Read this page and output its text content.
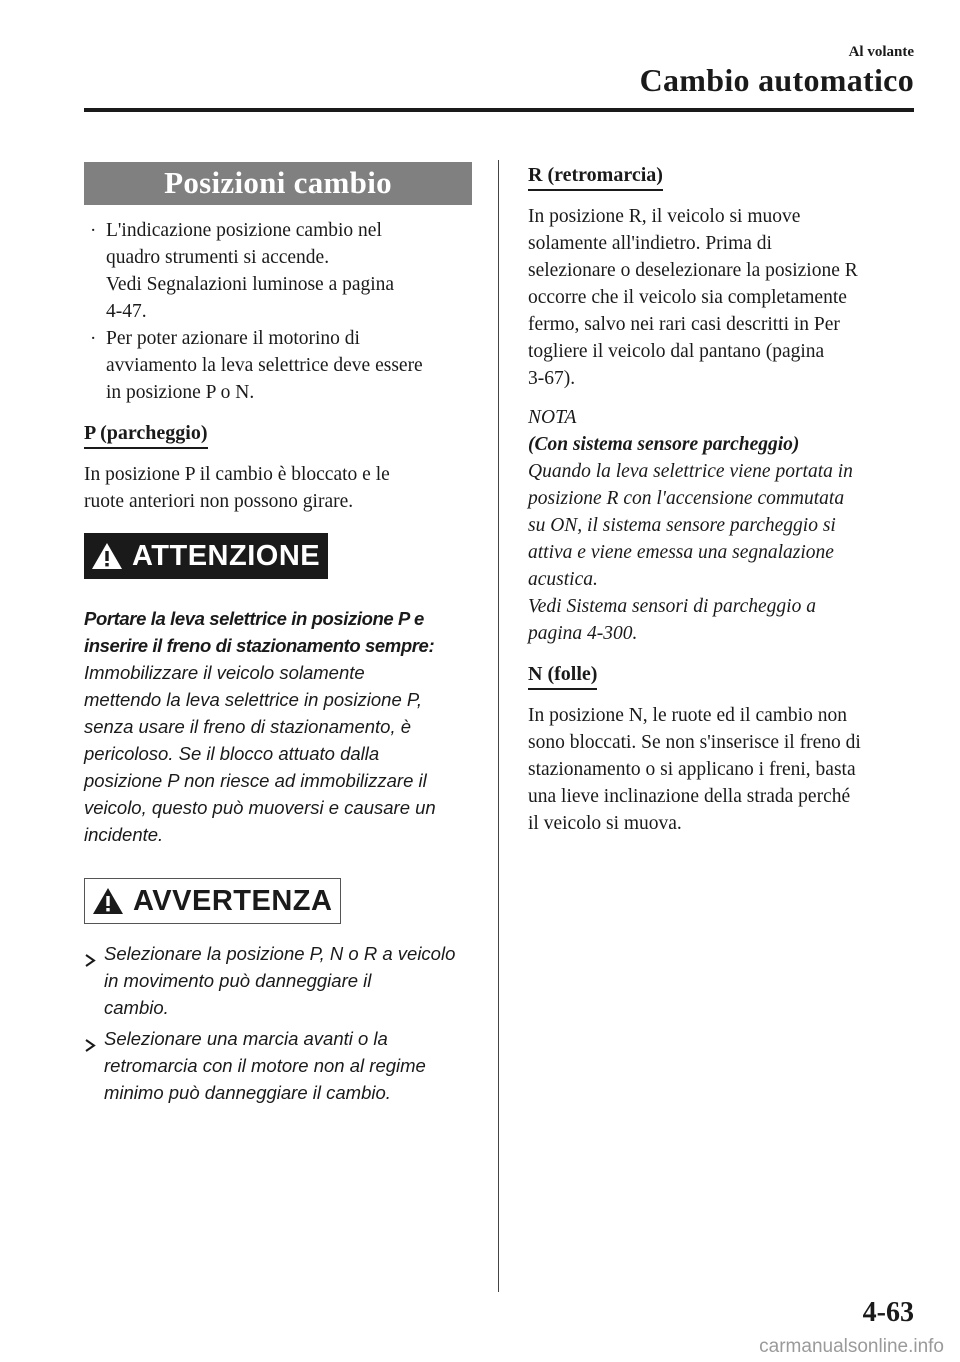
Al volante
Cambio automatico
Posizioni cambio
· L'indicazione posizione cambio nel
quadro strumenti si accende.
Vedi Segnalazioni luminose a pagina
4-47.
· Per poter azionare il motorino di
avviamento la leva selettrice deve essere
in posizione P o N.
P (parcheggio)
In posizione P il cambio è bloccato e le
ruote anteriori non possono girare.
ATTENZIONE
Portare la leva selettrice in posizione P e
inserire il freno di stazionamento sempre:
Immobilizzare il veicolo solamente
mettendo la leva selettrice in posizione P,
senza usare il freno di stazionamento, è
pericoloso. Se il blocco attuato dalla
posizione P non riesce ad immobilizzare il
veicolo, questo può muoversi e causare un
incidente.
AVVERTENZA
Selezionare la posizione P, N o R a veicolo
in movimento può danneggiare il
cambio.
Selezionare una marcia avanti o la
retromarcia con il motore non al regime
minimo può danneggiare il cambio.
R (retromarcia)
In posizione R, il veicolo si muove
solamente all'indietro. Prima di
selezionare o deselezionare la posizione R
occorre che il veicolo sia completamente
fermo, salvo nei rari casi descritti in Per
togliere il veicolo dal pantano (pagina
3-67).
NOTA
(Con sistema sensore parcheggio)
Quando la leva selettrice viene portata in
posizione R con l'accensione commutata
su ON, il sistema sensore parcheggio si
attiva e viene emessa una segnalazione
acustica.
Vedi Sistema sensori di parcheggio a
pagina 4-300.
N (folle)
In posizione N, le ruote ed il cambio non
sono bloccati. Se non s'inserisce il freno di
stazionamento o si applicano i freni, basta
una lieve inclinazione della strada perché
il veicolo si muova.
4-63
carmanualsonline.info
